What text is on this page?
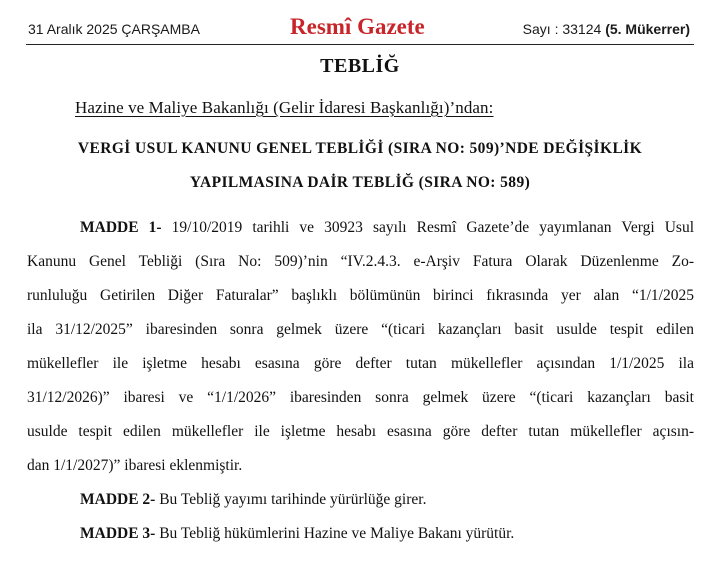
31 Aralık 2025 ÇARŞAMBA	Resmî Gazete	Sayı : 33124 (5. Mükerrer)
TEBLİĞ
Hazine ve Maliye Bakanlığı (Gelir İdaresi Başkanlığı)’ndan:
VERGİ USUL KANUNU GENEL TEBLİĞİ (SIRA NO: 509)’NDE DEĞİŞİKLİK
YAPILMASINA DAİR TEBLİĞ (SIRA NO: 589)
MADDE 1- 19/10/2019 tarihli ve 30923 sayılı Resmî Gazete’de yayımlanan Vergi Usul
Kanunu Genel Tebliği (Sıra No: 509)’nin “IV.2.4.3. e-Arşiv Fatura Olarak Düzenlenme Zo-
runluluğu Getirilen Diğer Faturalar” başlıklı bölümünün birinci fıkrasında yer alan “1/1/2025
ila 31/12/2025” ibaresinden sonra gelmek üzere “(ticari kazançları basit usulde tespit edilen
mükellefler ile işletme hesabı esasına göre defter tutan mükellefler açısından 1/1/2025 ila
31/12/2026)” ibaresi ve “1/1/2026” ibaresinden sonra gelmek üzere “(ticari kazançları basit
usulde tespit edilen mükellefler ile işletme hesabı esasına göre defter tutan mükellefler açısın-
dan 1/1/2027)” ibaresi eklenmiştir.
MADDE 2- Bu Tebliğ yayımı tarihinde yürürlüğe girer.
MADDE 3- Bu Tebliğ hükümlerini Hazine ve Maliye Bakanı yürütür.
